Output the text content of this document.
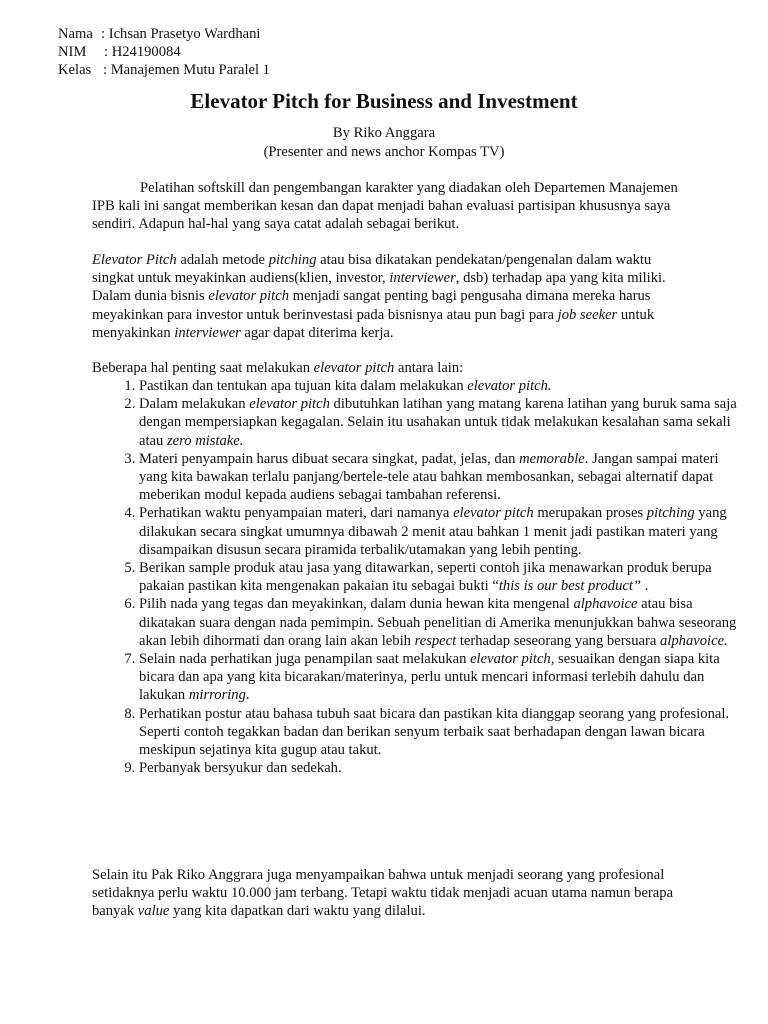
Nama : Ichsan Prasetyo Wardhani
NIM : H24190084
Kelas : Manajemen Mutu Paralel 1
Elevator Pitch for Business and Investment
By Riko Anggara
(Presenter and news anchor Kompas TV)

Pelatihan softskill dan pengembangan karakter yang diadakan oleh Departemen Manajemen IPB kali ini sangat memberikan kesan dan dapat menjadi bahan evaluasi partisipan khususnya saya sendiri. Adapun hal-hal yang saya catat adalah sebagai berikut.

Elevator Pitch adalah metode pitching atau bisa dikatakan pendekatan/pengenalan dalam waktu singkat untuk meyakinkan audiens(klien, investor, interviewer, dsb) terhadap apa yang kita miliki. Dalam dunia bisnis elevator pitch menjadi sangat penting bagi pengusaha dimana mereka harus meyakinkan para investor untuk berinvestasi pada bisnisnya atau pun bagi para job seeker untuk menyakinkan interviewer agar dapat diterima kerja.

Beberapa hal penting saat melakukan elevator pitch antara lain:

1. Pastikan dan tentukan apa tujuan kita dalam melakukan elevator pitch.
2. Dalam melakukan elevator pitch dibutuhkan latihan yang matang karena latihan yang buruk sama saja dengan mempersiapkan kegagalan. Selain itu usahakan untuk tidak melakukan kesalahan sama sekali atau zero mistake.
3. Materi penyampain harus dibuat secara singkat, padat, jelas, dan memorable. Jangan sampai materi yang kita bawakan terlalu panjang/bertele-tele atau bahkan membosankan, sebagai alternatif dapat meberikan modul kepada audiens sebagai tambahan referensi.
4. Perhatikan waktu penyampaian materi, dari namanya elevator pitch merupakan proses pitching yang dilakukan secara singkat umumnya dibawah 2 menit atau bahkan 1 menit jadi pastikan materi yang disampaikan disusun secara piramida terbalik/utamakan yang lebih penting.
5. Berikan sample produk atau jasa yang ditawarkan, seperti contoh jika menawarkan produk berupa pakaian pastikan kita mengenakan pakaian itu sebagai bukti “this is our best product” .
6. Pilih nada yang tegas dan meyakinkan, dalam dunia hewan kita mengenal alphavoice atau bisa dikatakan suara dengan nada pemimpin. Sebuah penelitian di Amerika menunjukkan bahwa seseorang akan lebih dihormati dan orang lain akan lebih respect terhadap seseorang yang bersuara alphavoice.
7. Selain nada perhatikan juga penampilan saat melakukan elevator pitch, sesuaikan dengan siapa kita bicara dan apa yang kita bicarakan/materinya, perlu untuk mencari informasi terlebih dahulu dan lakukan mirroring.
8. Perhatikan postur atau bahasa tubuh saat bicara dan pastikan kita dianggap seorang yang profesional. Seperti contoh tegakkan badan dan berikan senyum terbaik saat berhadapan dengan lawan bicara meskipun sejatinya kita gugup atau takut.
9. Perbanyak bersyukur dan sedekah.

Selain itu Pak Riko Anggrara juga menyampaikan bahwa untuk menjadi seorang yang profesional setidaknya perlu waktu 10.000 jam terbang. Tetapi waktu tidak menjadi acuan utama namun berapa banyak value yang kita dapatkan dari waktu yang dilalui.
